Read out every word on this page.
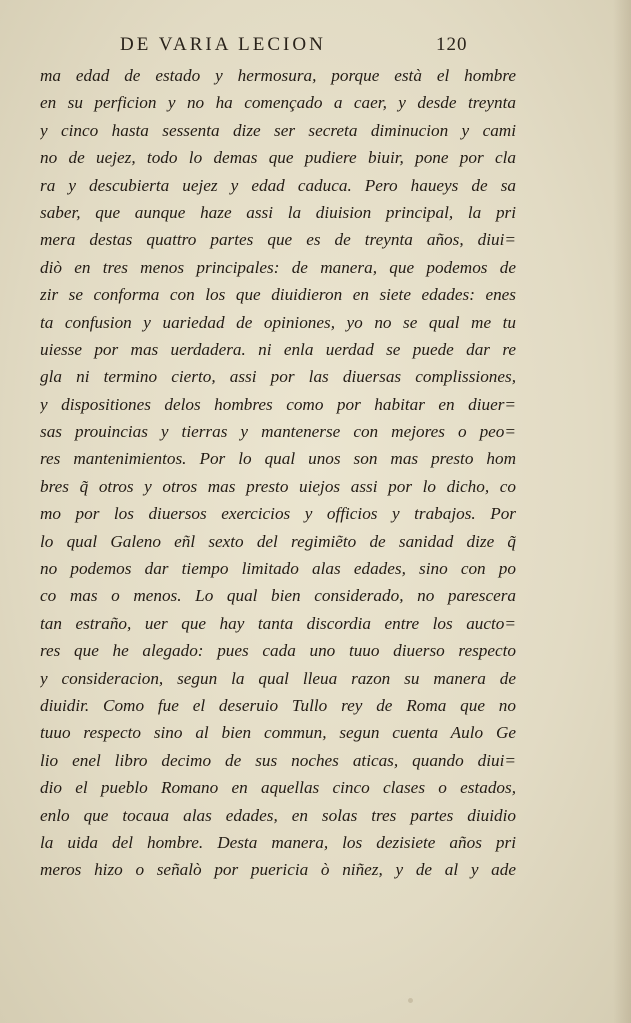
DE VARIA LECION	120
ma edad de estado y hermosura, porque està el hombre
en su perficion y no ha començado a caer, y desde treynta
y cinco hasta sessenta dize ser secreta diminucion y cami
no de uejez, todo lo demas que pudiere biuir, pone por cla
ra y descubierta uejez y edad caduca. Pero haueys de sa
saber, que aunque haze assi la diuision principal, la pri
mera destas quattro partes que es de treynta años, diui=
diò en tres menos principales: de manera, que podemos de
zir se conforma con los que diuidieron en siete edades: enes
ta confusion y uariedad de opiniones, yo no se qual me tu
uiesse por mas uerdadera. ni enla uerdad se puede dar re
gla ni termino cierto, assi por las diuersas complissiones,
y dispositiones delos hombres como por habitar en diuer=
sas prouincias y tierras y mantenerse con mejores o peo=
res mantenimientos. Por lo qual unos son mas presto hom
bres q̃ otros y otros mas presto uiejos assi por lo dicho, co
mo por los diuersos exercicios y officios y trabajos. Por
lo qual Galeno eñl sexto del regimiẽto de sanidad dize q̃
no podemos dar tiempo limitado alas edades, sino con po
co mas o menos. Lo qual bien considerado, no parescera
tan estraño, uer que hay tanta discordia entre los aucto=
res que he alegado: pues cada uno tuuo diuerso respecto
y consideracion, segun la qual lleua razon su manera de
diuidir. Como fue el deseruio Tullo rey de Roma que no
tuuo respecto sino al bien commun, segun cuenta Aulo Ge
lio enel libro decimo de sus noches aticas, quando diui=
dio el pueblo Romano en aquellas cinco clases o estados,
enlo que tocaua alas edades, en solas tres partes diuidio
la uida del hombre. Desta manera, los dezisiete años pri
meros hizo o señalò por puericia ò niñez, y de al y ade
